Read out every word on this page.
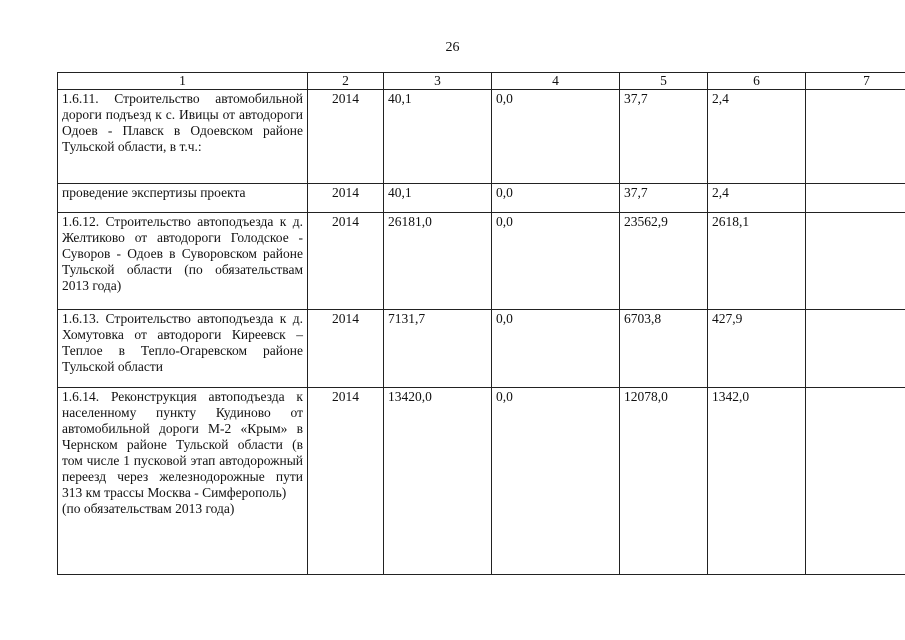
26
1	2	3	4	5	6	7
1.6.11. Строительство автомобильной дороги подъезд к с. Ивицы от автодороги Одоев - Плавск в Одоевском районе Тульской области, в т.ч.:	2014	40,1	0,0	37,7	2,4	
проведение экспертизы проекта	2014	40,1	0,0	37,7	2,4	
1.6.12. Строительство автоподъезда к д. Желтиково от автодороги Голодское - Суворов - Одоев в Суворовском районе Тульской области (по обязательствам 2013 года)	2014	26181,0	0,0	23562,9	2618,1	
1.6.13. Строительство автоподъезда к д. Хомутовка от автодороги Киреевск – Теплое в Тепло-Огаревском районе Тульской области	2014	7131,7	0,0	6703,8	427,9	

1.6.14. Реконструкция автоподъезда к населенному пункту Кудиново от автомобильной дороги М-2 «Крым» в Чернском районе Тульской области (в том числе 1 пусковой этап автодорожный переезд через железнодорожные пути 313 км трассы Москва - Симферополь)
(по обязательствам 2013 года)	2014	13420,0	0,0	12078,0	1342,0	
